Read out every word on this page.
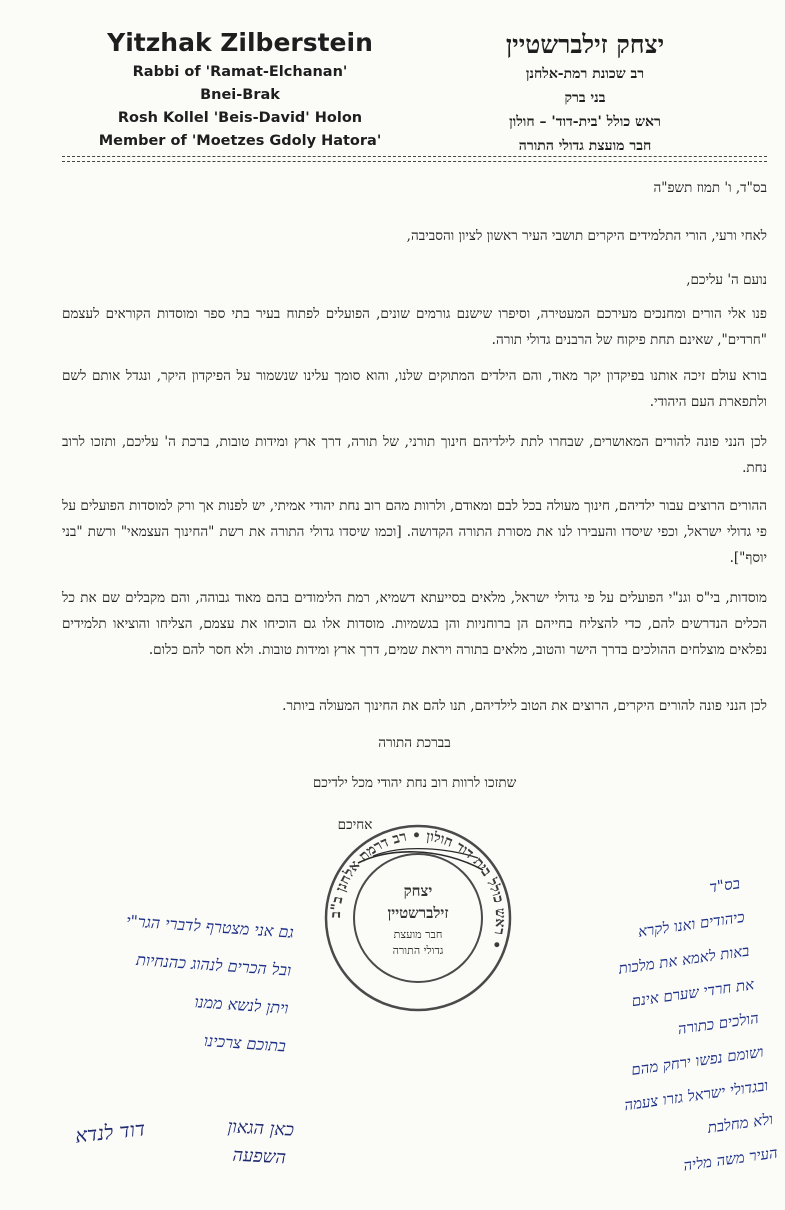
Yitzhak Zilberstein
Rabbi of 'Ramat-Elchanan'
Bnei-Brak
Rosh Kollel 'Beis-David' Holon
Member of 'Moetzes Gdoly Hatora'
יצחק זילברשטיין
רב שכונת רמת-אלחנן
בני ברק
ראש כולל 'בית-דוד' – חולון
חבר מועצת גדולי התורה
בס"ד, ו' תמוז תשפ"ה
לאחי ורעי, הורי התלמידים היקרים תושבי העיר ראשון לציון והסביבה,
נועם ה' עליכם,
פנו אלי הורים ומחנכים מעירכם המעטירה, וסיפרו שישנם גורמים שונים, הפועלים לפתוח בעיר בתי ספר ומוסדות הקוראים לעצמם "חרדים", שאינם תחת פיקוח של הרבנים גדולי תורה.
בורא עולם זיכה אותנו בפיקדון יקר מאוד, והם הילדים המתוקים שלנו, והוא סומך עלינו שנשמור על הפיקדון היקר, ונגדל אותם לשם ולתפארת העם היהודי.
לכן הנני פונה להורים המאושרים, שבחרו לתת לילדיהם חינוך תורני, של תורה, דרך ארץ ומידות טובות, ברכת ה' עליכם, ותזכו לרוב נחת.
ההורים הרוצים עבור ילדיהם, חינוך מעולה בכל לבם ומאודם, ולרוות מהם רוב נחת יהודי אמיתי, יש לפנות אך ורק למוסדות הפועלים על פי גדולי ישראל, וכפי שיסדו והעבירו לנו את מסורת התורה הקדושה. [וכמו שיסדו גדולי התורה את רשת "החינוך העצמאי" ורשת "בני יוסף"].
מוסדות, בי"ס וגנ"י הפועלים על פי גדולי ישראל, מלאים בסייעתא דשמיא, רמת הלימודים בהם מאוד גבוהה, והם מקבלים שם את כל הכלים הנדרשים להם, כדי להצליח בחייהם הן ברוחניות והן בגשמיות. מוסדות אלו גם הוכיחו את עצמם, הצליחו והוציאו תלמידים נפלאים מוצלחים ההולכים בדרך הישר והטוב, מלאים בתורה ויראת שמים, דרך ארץ ומידות טובות. ולא חסר להם כלום.
לכן הנני פונה להורים היקרים, הרוצים את הטוב לילדיהם, תנו להם את החינוך המעולה ביותר.
בברכת התורה
שתזכו לרוות רוב נחת יהודי מכל ילדיכם
אחיכם
ראש כולל בית דוד חולון • רב דרמת אלחנן ב"ב •
יצחק
זילברשטיין
חבר מועצת
גדולי התורה
גם אני מצטרף לדברי הגר"י
ובל הכרים לנהוג כהנחיות
ויתן לנשא ממנו
בתוכם צרכינו
בס"ד
כיהודים ואנו לקרא
באות לאמא את מלכות
את חרדי שערם אינם
הולכים כתורה
ושומם נפשו ירחק מהם
ובגדולי ישראל גזרו צעמה
ולא מחלבת
העיר משה מליה
דוד לנדא	כאן הגאון
השפעה
